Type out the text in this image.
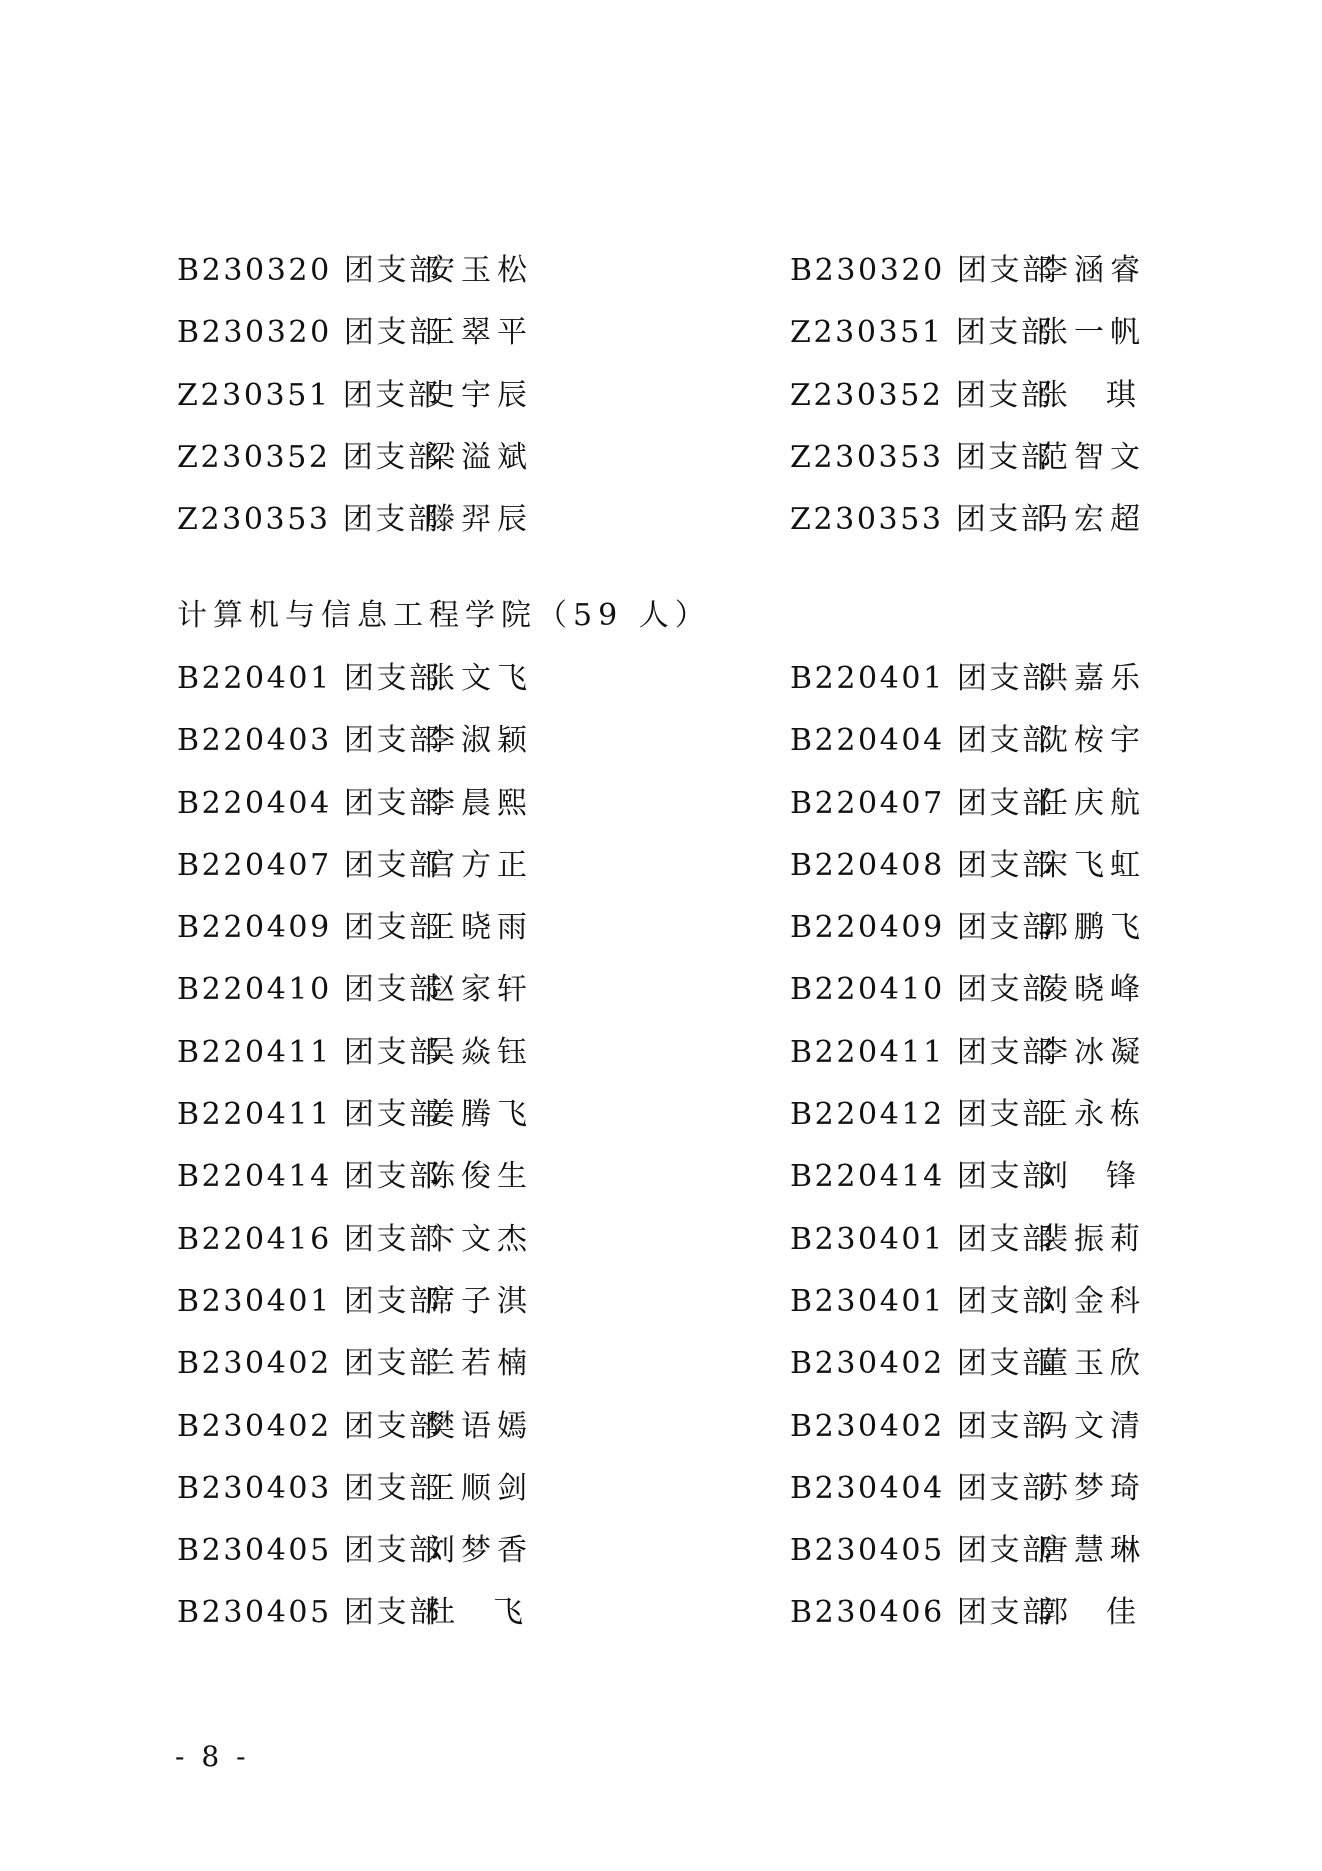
B230320 团支部安玉松	B230320 团支部李涵睿
B230320 团支部王翠平	Z230351 团支部张一帆
Z230351 团支部史宇辰	Z230352 团支部张 琪
Z230352 团支部梁溢斌	Z230353 团支部范智文
Z230353 团支部滕羿辰	Z230353 团支部马宏超
计算机与信息工程学院（59 人）
B220401 团支部张文飞	B220401 团支部洪嘉乐
B220403 团支部李淑颖	B220404 团支部沈桉宇
B220404 团支部李晨熙	B220407 团支部任庆航
B220407 团支部官方正	B220408 团支部宋飞虹
B220409 团支部王晓雨	B220409 团支部郭鹏飞
B220410 团支部赵家轩	B220410 团支部凌晓峰
B220411 团支部吴焱钰	B220411 团支部李冰凝
B220411 团支部姜腾飞	B220412 团支部王永栋
B220414 团支部陈俊生	B220414 团支部刘 锋
B220416 团支部卞文杰	B230401 团支部裴振莉
B230401 团支部席子淇	B230401 团支部刘金科
B230402 团支部兰若楠	B230402 团支部董玉欣
B230402 团支部樊语嫣	B230402 团支部冯文清
B230403 团支部王顺剑	B230404 团支部苏梦琦
B230405 团支部刘梦香	B230405 团支部唐慧琳
B230405 团支部杜 飞	B230406 团支部郭 佳
- 8 -
